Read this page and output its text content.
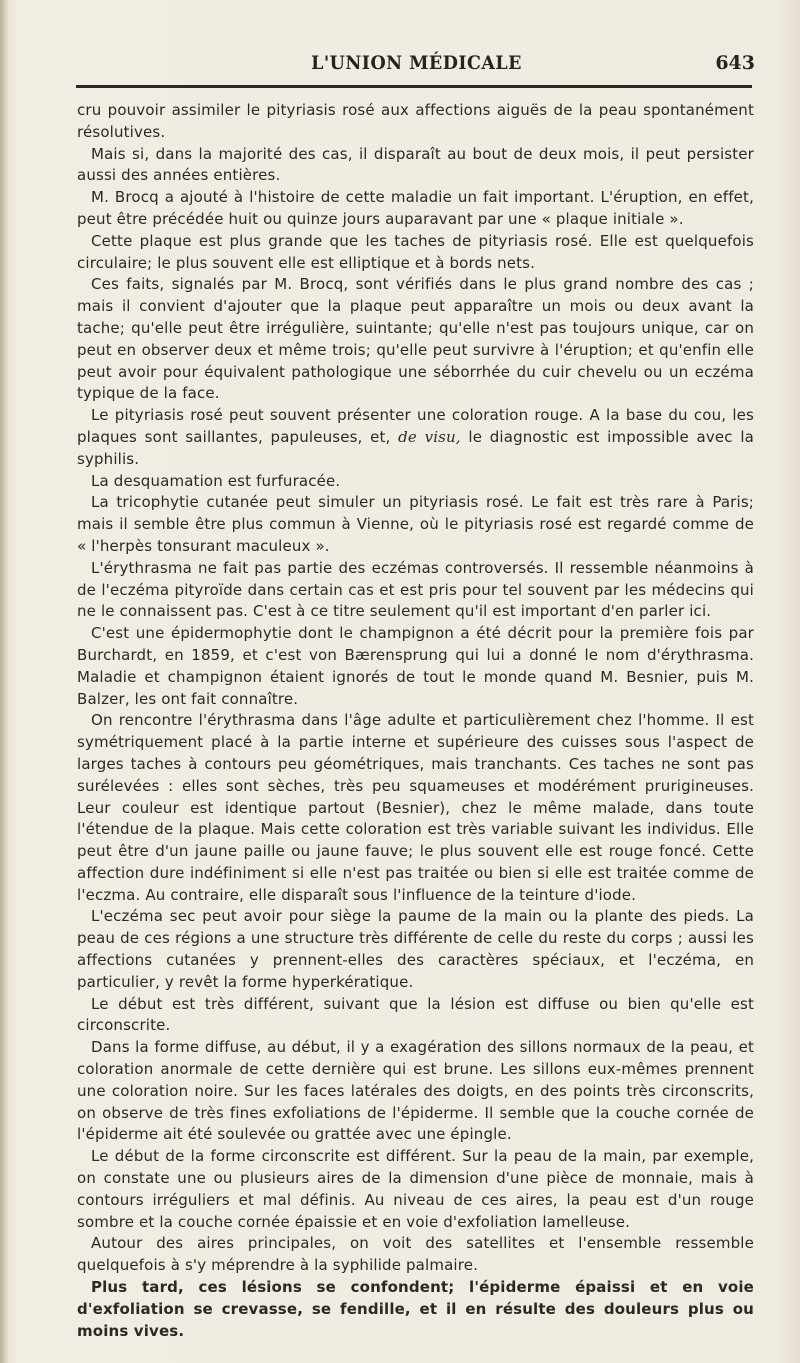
L'UNION MÉDICALE	643

cru pouvoir assimiler le pityriasis rosé aux affections aiguës de la peau spontanément résolutives.

Mais si, dans la majorité des cas, il disparaît au bout de deux mois, il peut persister aussi des années entières.

M. Brocq a ajouté à l'histoire de cette maladie un fait important. L'éruption, en effet, peut être précédée huit ou quinze jours auparavant par une « plaque initiale ».

Cette plaque est plus grande que les taches de pityriasis rosé. Elle est quelquefois circulaire; le plus souvent elle est elliptique et à bords nets.

Ces faits, signalés par M. Brocq, sont vérifiés dans le plus grand nombre des cas ; mais il convient d'ajouter que la plaque peut apparaître un mois ou deux avant la tache; qu'elle peut être irrégulière, suintante; qu'elle n'est pas toujours unique, car on peut en observer deux et même trois; qu'elle peut survivre à l'éruption; et qu'enfin elle peut avoir pour équivalent pathologique une séborrhée du cuir chevelu ou un eczéma typique de la face.

Le pityriasis rosé peut souvent présenter une coloration rouge. A la base du cou, les plaques sont saillantes, papuleuses, et, de visu, le diagnostic est impossible avec la syphilis.

La desquamation est furfuracée.

La tricophytie cutanée peut simuler un pityriasis rosé. Le fait est très rare à Paris; mais il semble être plus commun à Vienne, où le pityriasis rosé est regardé comme de « l'herpès tonsurant maculeux ».

L'érythrasma ne fait pas partie des eczémas controversés. Il ressemble néanmoins à de l'eczéma pityroïde dans certain cas et est pris pour tel souvent par les médecins qui ne le connaissent pas. C'est à ce titre seulement qu'il est important d'en parler ici.

C'est une épidermophytie dont le champignon a été décrit pour la première fois par Burchardt, en 1859, et c'est von Bærensprung qui lui a donné le nom d'érythrasma. Maladie et champignon étaient ignorés de tout le monde quand M. Besnier, puis M. Balzer, les ont fait connaître.

On rencontre l'érythrasma dans l'âge adulte et particulièrement chez l'homme. Il est symétriquement placé à la partie interne et supérieure des cuisses sous l'aspect de larges taches à contours peu géométriques, mais tranchants. Ces taches ne sont pas surélevées : elles sont sèches, très peu squameuses et modérément prurigineuses. Leur couleur est identique partout (Besnier), chez le même malade, dans toute l'étendue de la plaque. Mais cette coloration est très variable suivant les individus. Elle peut être d'un jaune paille ou jaune fauve; le plus souvent elle est rouge foncé. Cette affection dure indéfiniment si elle n'est pas traitée ou bien si elle est traitée comme de l'eczma. Au contraire, elle disparaît sous l'influence de la teinture d'iode.

L'eczéma sec peut avoir pour siège la paume de la main ou la plante des pieds. La peau de ces régions a une structure très différente de celle du reste du corps ; aussi les affections cutanées y prennent-elles des caractères spéciaux, et l'eczéma, en particulier, y revêt la forme hyperkératique.

Le début est très différent, suivant que la lésion est diffuse ou bien qu'elle est circonscrite.

Dans la forme diffuse, au début, il y a exagération des sillons normaux de la peau, et coloration anormale de cette dernière qui est brune. Les sillons eux-mêmes prennent une coloration noire. Sur les faces latérales des doigts, en des points très circonscrits, on observe de très fines exfoliations de l'épiderme. Il semble que la couche cornée de l'épiderme ait été soulevée ou grattée avec une épingle.

Le début de la forme circonscrite est différent. Sur la peau de la main, par exemple, on constate une ou plusieurs aires de la dimension d'une pièce de monnaie, mais à contours irréguliers et mal définis. Au niveau de ces aires, la peau est d'un rouge sombre et la couche cornée épaissie et en voie d'exfoliation lamelleuse.

Autour des aires principales, on voit des satellites et l'ensemble ressemble quelquefois à s'y méprendre à la syphilide palmaire.

Plus tard, ces lésions se confondent; l'épiderme épaissi et en voie d'exfoliation se crevasse, se fendille, et il en résulte des douleurs plus ou moins vives.
